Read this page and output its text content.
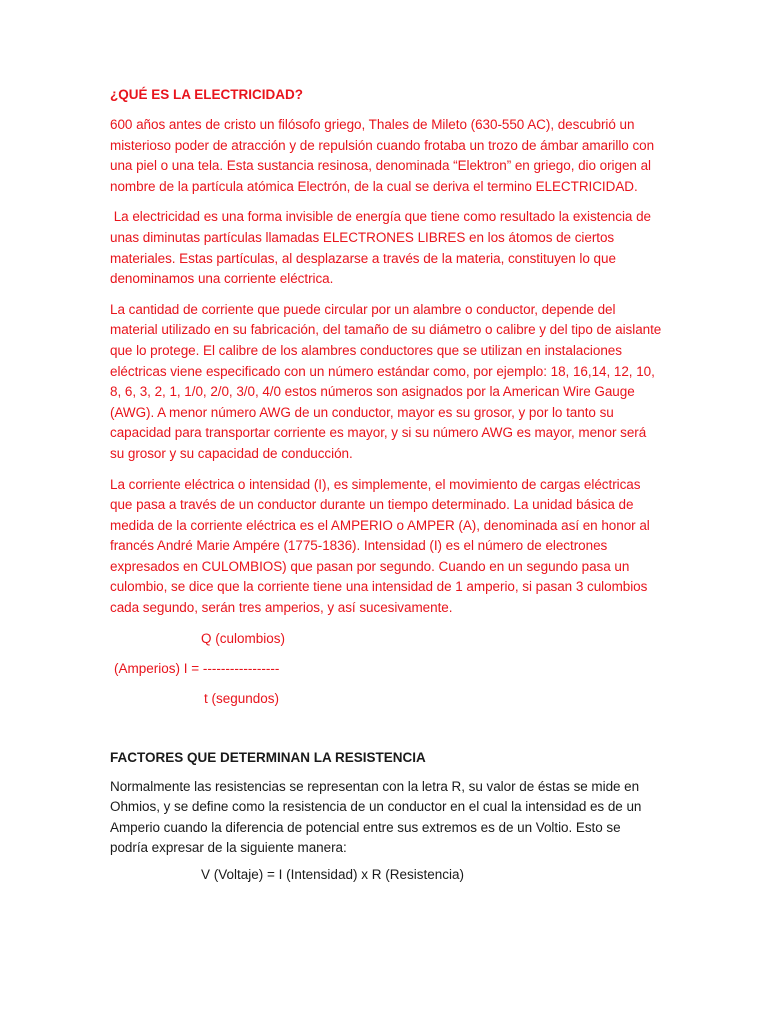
¿QUÉ ES LA ELECTRICIDAD?

600 años antes de cristo un filósofo griego, Thales de Mileto (630-550 AC), descubrió un misterioso poder de atracción y de repulsión cuando frotaba un trozo de ámbar amarillo con una piel o una tela. Esta sustancia resinosa, denominada “Elektron” en griego, dio origen al nombre de la partícula atómica Electrón, de la cual se deriva el termino ELECTRICIDAD.

La electricidad es una forma invisible de energía que tiene como resultado la existencia de unas diminutas partículas llamadas ELECTRONES LIBRES en los átomos de ciertos materiales. Estas partículas, al desplazarse a través de la materia, constituyen lo que denominamos una corriente eléctrica.

La cantidad de corriente que puede circular por un alambre o conductor, depende del material utilizado en su fabricación, del tamaño de su diámetro o calibre y del tipo de aislante que lo protege. El calibre de los alambres conductores que se utilizan en instalaciones eléctricas viene especificado con un número estándar como, por ejemplo: 18, 16,14, 12, 10, 8, 6, 3, 2, 1, 1/0, 2/0, 3/0, 4/0 estos números son asignados por la American Wire Gauge (AWG). A menor número AWG de un conductor, mayor es su grosor, y por lo tanto su capacidad para transportar corriente es mayor, y si su número AWG es mayor, menor será su grosor y su capacidad de conducción.

La corriente eléctrica o intensidad (I), es simplemente, el movimiento de cargas eléctricas que pasa a través de un conductor durante un tiempo determinado. La unidad básica de medida de la corriente eléctrica es el AMPERIO o AMPER (A), denominada así en honor al francés André Marie Ampére (1775-1836). Intensidad (I) es el número de electrones expresados en CULOMBIOS) que pasan por segundo. Cuando en un segundo pasa un culombio, se dice que la corriente tiene una intensidad de 1 amperio, si pasan 3 culombios cada segundo, serán tres amperios, y así sucesivamente.

Q (culombios)
(Amperios) I = -----------------
t (segundos)
FACTORES QUE DETERMINAN LA RESISTENCIA

Normalmente las resistencias se representan con la letra R, su valor de éstas se mide en Ohmios, y se define como la resistencia de un conductor en el cual la intensidad es de un Amperio cuando la diferencia de potencial entre sus extremos es de un Voltio. Esto se podría expresar de la siguiente manera:

V (Voltaje) = I (Intensidad) x R (Resistencia)
